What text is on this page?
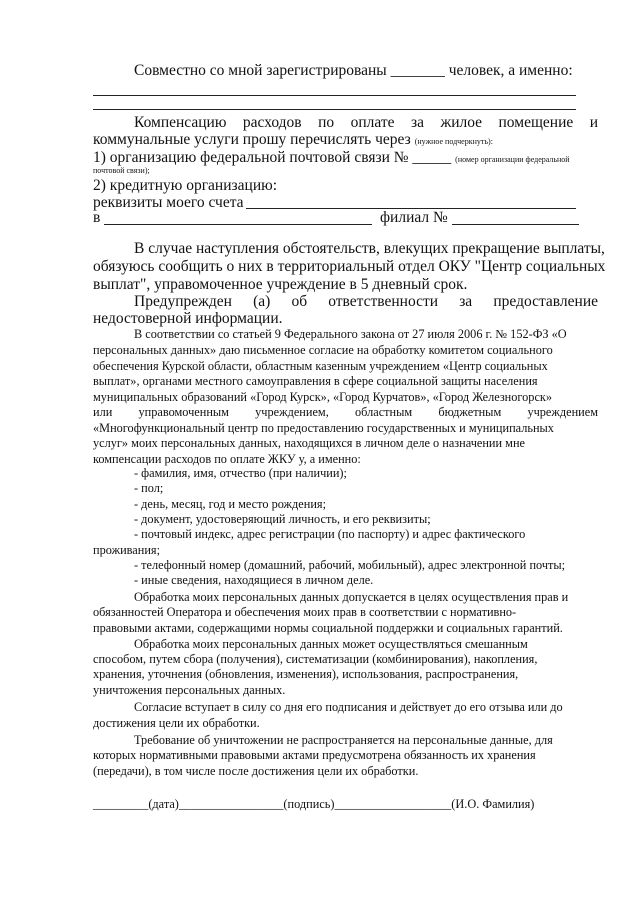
Совместно со мной зарегистрированы _______ человек, а именно:
Компенсацию расходов по оплате за жилое помещение и
коммунальные услуги прошу перечислять через (нужное подчеркнуть):
1) организацию федеральной почтовой связи № _____ (номер организации федеральной
почтовой связи);
2) кредитную организацию:
реквизиты моего счета
в	филиал №
В случае наступления обстоятельств, влекущих прекращение выплаты,
обязуюсь сообщить о них в территориальный отдел ОКУ "Центр социальных
выплат", управомоченное учреждение в 5 дневный срок.
Предупрежден (а) об ответственности за предоставление
недостоверной информации.
В соответствии со статьей 9 Федерального закона от 27 июля 2006 г. № 152-ФЗ «О
персональных данных» даю письменное согласие на обработку комитетом социального
обеспечения Курской области, областным казенным учреждением «Центр социальных
выплат», органами местного самоуправления в сфере социальной защиты населения
муниципальных образований «Город Курск», «Город Курчатов», «Город Железногорск»
или управомоченным учреждением, областным бюджетным учреждением
«Многофункциональный центр по предоставлению государственных и муниципальных
услуг» моих персональных данных, находящихся в личном деле о назначении мне
компенсации расходов по оплате ЖКУ у, а именно:
- фамилия, имя, отчество (при наличии);
- пол;
- день, месяц, год и место рождения;
- документ, удостоверяющий личность, и его реквизиты;
- почтовый индекс, адрес регистрации (по паспорту) и адрес фактического
проживания;
- телефонный номер (домашний, рабочий, мобильный), адрес электронной почты;
- иные сведения, находящиеся в личном деле.
Обработка моих персональных данных допускается в целях осуществления прав и
обязанностей Оператора и обеспечения моих прав в соответствии с нормативно-
правовыми актами, содержащими нормы социальной поддержки и социальных гарантий.
Обработка моих персональных данных может осуществляться смешанным
способом, путем сбора (получения), систематизации (комбинирования), накопления,
хранения, уточнения (обновления, изменения), использования, распространения,
уничтожения персональных данных.
Согласие вступает в силу со дня его подписания и действует до его отзыва или до
достижения цели их обработки.
Требование об уничтожении не распространяется на персональные данные, для
которых нормативными правовыми актами предусмотрена обязанность их хранения
(передачи), в том числе после достижения цели их обработки.
_________(дата)_________________(подпись)___________________(И.О. Фамилия)
